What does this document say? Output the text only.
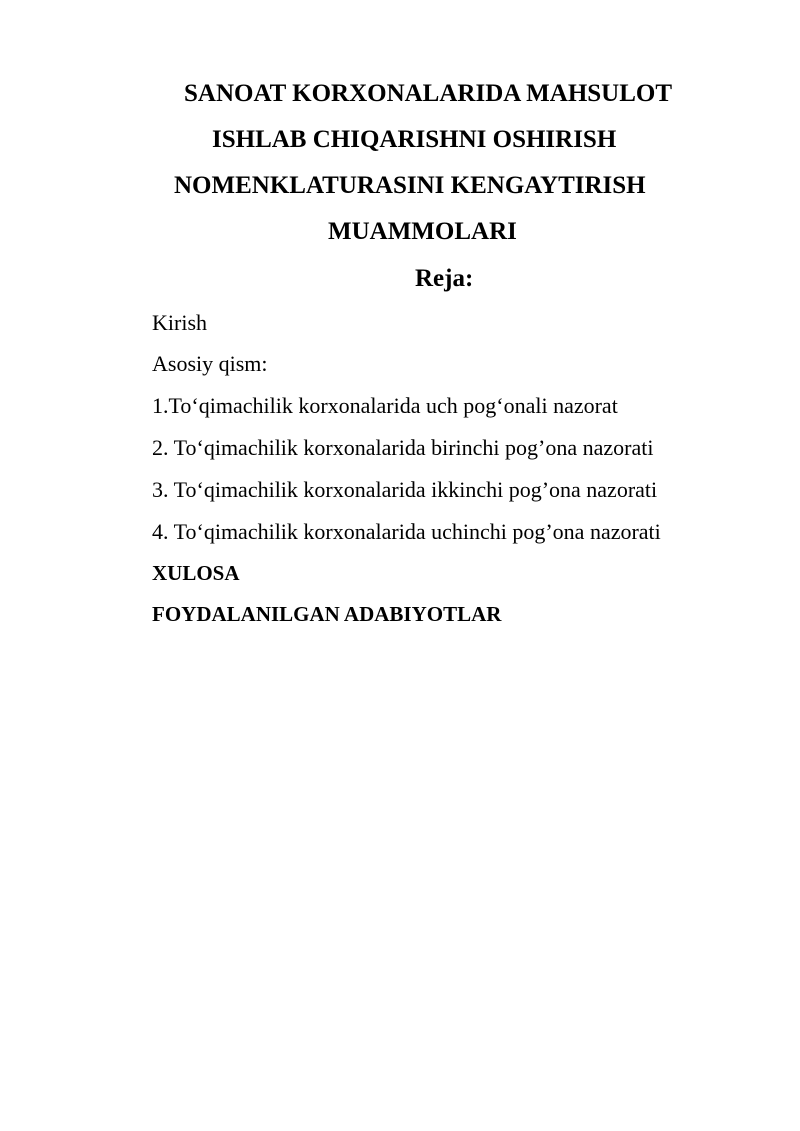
SANOAT KORXONALARIDA MAHSULOT
ISHLAB CHIQARISHNI OSHIRISH
NOMENKLATURASINI KENGAYTIRISH
MUAMMOLARI
Reja:
Kirish
Asosiy qism:
1.To‘qimachilik korxonalarida uch pog‘onali nazorat
2. To‘qimachilik korxonalarida birinchi pog’ona nazorati
3. To‘qimachilik korxonalarida ikkinchi pog’ona nazorati
4. To‘qimachilik korxonalarida uchinchi pog’ona nazorati
XULOSA
FOYDALANILGAN ADABIYOTLAR
